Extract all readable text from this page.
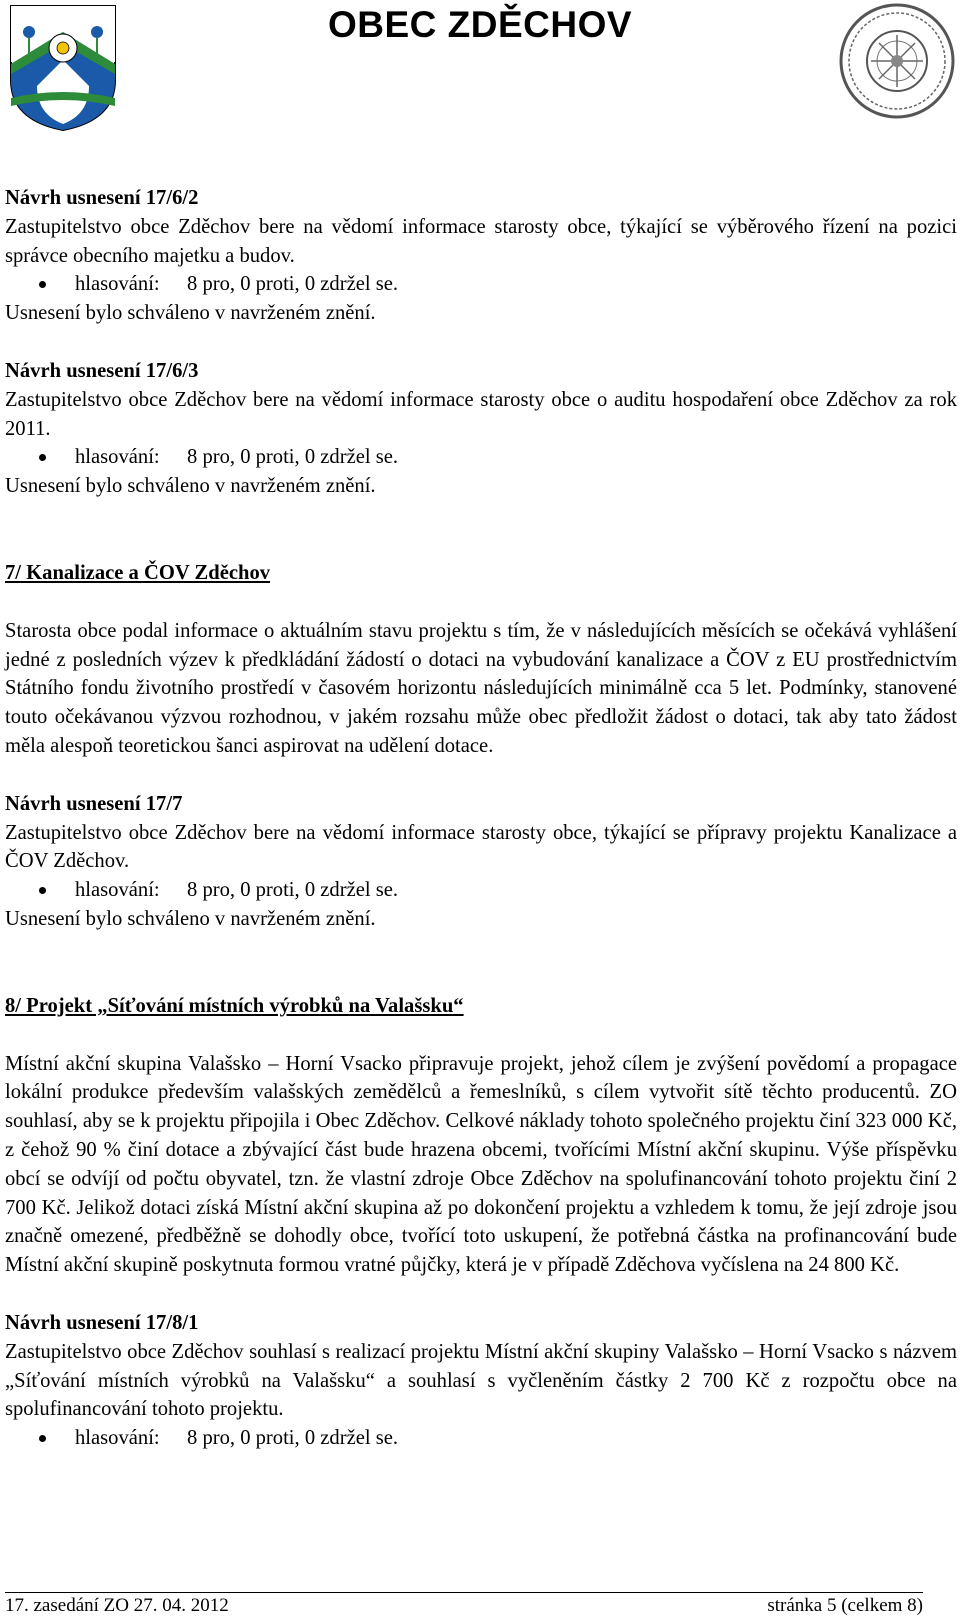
OBEC ZDĚCHOV

Návrh usnesení 17/6/2

Zastupitelstvo obce Zděchov bere na vědomí informace starosty obce, týkající se výběrového řízení na pozici správce obecního majetku a budov.

hlasování: 8 pro, 0 proti, 0 zdržel se.

Usnesení bylo schváleno v navrženém znění.

Návrh usnesení 17/6/3

Zastupitelstvo obce Zděchov bere na vědomí informace starosty obce o auditu hospodaření obce Zděchov za rok 2011.

hlasování: 8 pro, 0 proti, 0 zdržel se.

Usnesení bylo schváleno v navrženém znění.

7/ Kanalizace a ČOV Zděchov

Starosta obce podal informace o aktuálním stavu projektu s tím, že v následujících měsících se očekává vyhlášení jedné z posledních výzev k předkládání žádostí o dotaci na vybudování kanalizace a ČOV z EU prostřednictvím Státního fondu životního prostředí v časovém horizontu následujících minimálně cca 5 let. Podmínky, stanovené touto očekávanou výzvou rozhodnou, v jakém rozsahu může obec předložit žádost o dotaci, tak aby tato žádost měla alespoň teoretickou šanci aspirovat na udělení dotace.

Návrh usnesení 17/7

Zastupitelstvo obce Zděchov bere na vědomí informace starosty obce, týkající se přípravy projektu Kanalizace a ČOV Zděchov.

hlasování: 8 pro, 0 proti, 0 zdržel se.

Usnesení bylo schváleno v navrženém znění.

8/ Projekt „Síťování místních výrobků na Valašsku“

Místní akční skupina Valašsko – Horní Vsacko připravuje projekt, jehož cílem je zvýšení povědomí a propagace lokální produkce především valašských zemědělců a řemeslníků, s cílem vytvořit sítě těchto producentů. ZO souhlasí, aby se k projektu připojila i Obec Zděchov. Celkové náklady tohoto společného projektu činí 323 000 Kč, z čehož 90 % činí dotace a zbývající část bude hrazena obcemi, tvořícími Místní akční skupinu. Výše příspěvku obcí se odvíjí od počtu obyvatel, tzn. že vlastní zdroje Obce Zděchov na spolufinancování tohoto projektu činí 2 700 Kč. Jelikož dotaci získá Místní akční skupina až po dokončení projektu a vzhledem k tomu, že její zdroje jsou značně omezené, předběžně se dohodly obce, tvořící toto uskupení, že potřebná částka na profinancování bude Místní akční skupině poskytnuta formou vratné půjčky, která je v případě Zděchova vyčíslena na 24 800 Kč.

Návrh usnesení 17/8/1

Zastupitelstvo obce Zděchov souhlasí s realizací projektu Místní akční skupiny Valašsko – Horní Vsacko s názvem „Síťování místních výrobků na Valašsku“ a souhlasí s vyčleněním částky 2 700 Kč z rozpočtu obce na spolufinancování tohoto projektu.

hlasování: 8 pro, 0 proti, 0 zdržel se.

17. zasedání ZO 27. 04. 2012	stránka 5 (celkem 8)
